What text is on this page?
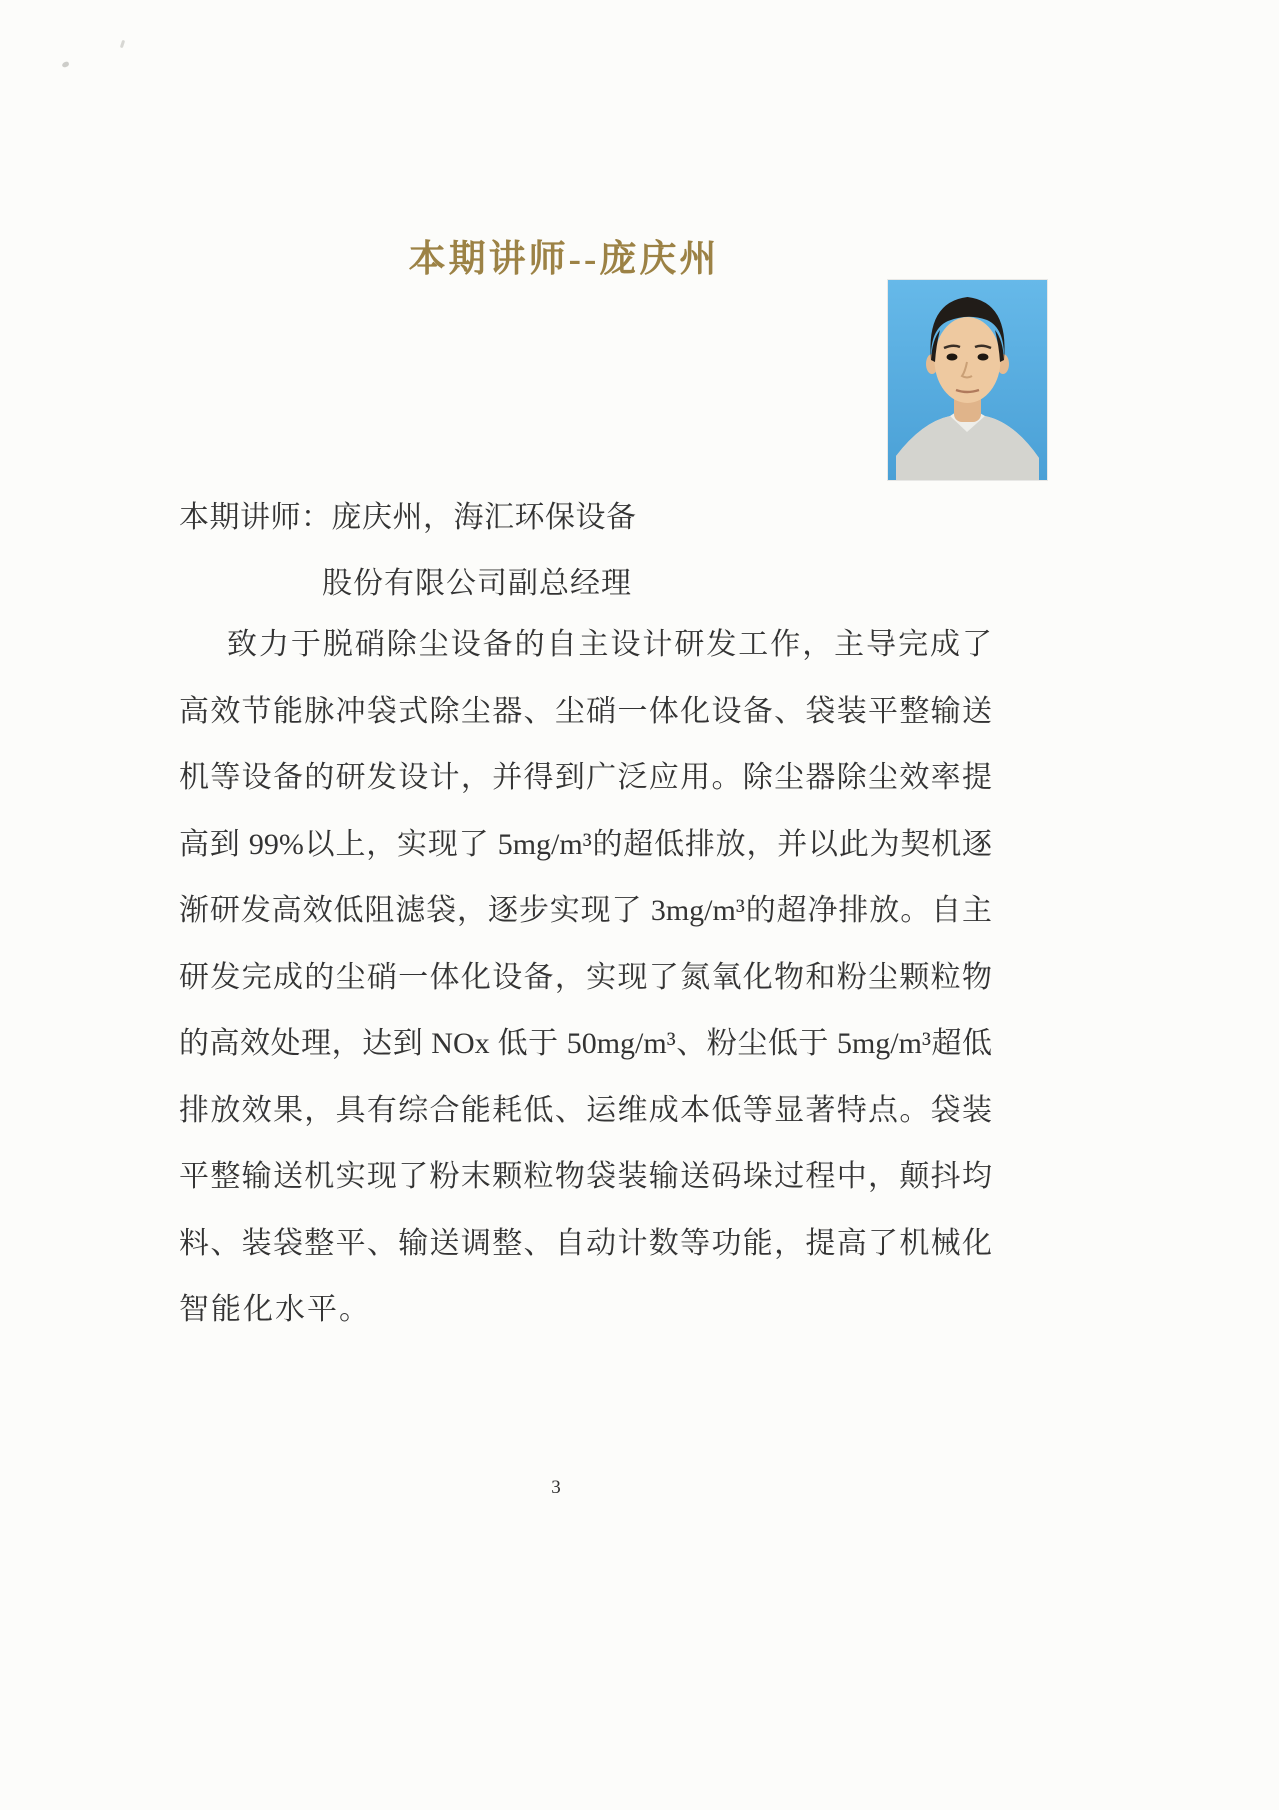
本期讲师--庞庆州
本期讲师：庞庆州，海汇环保设备
股份有限公司副总经理
致力于脱硝除尘设备的自主设计研发工作，主导完成了
高效节能脉冲袋式除尘器、尘硝一体化设备、袋装平整输送
机等设备的研发设计，并得到广泛应用。除尘器除尘效率提
高到 99%以上，实现了 5mg/m³的超低排放，并以此为契机逐
渐研发高效低阻滤袋，逐步实现了 3mg/m³的超净排放。自主
研发完成的尘硝一体化设备，实现了氮氧化物和粉尘颗粒物
的高效处理，达到 NOx 低于 50mg/m³、粉尘低于 5mg/m³超低
排放效果，具有综合能耗低、运维成本低等显著特点。袋装
平整输送机实现了粉末颗粒物袋装输送码垛过程中，颠抖均
料、装袋整平、输送调整、自动计数等功能，提高了机械化
智能化水平。
3
